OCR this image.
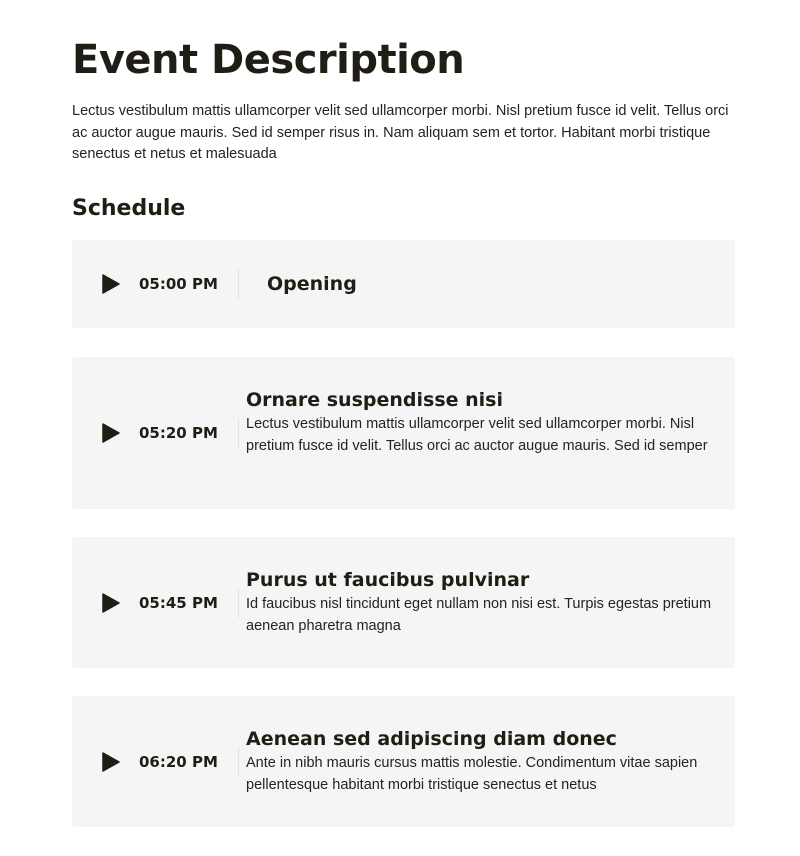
Event Description

Lectus vestibulum mattis ullamcorper velit sed ullamcorper morbi. Nisl pretium fusce id velit. Tellus orci ac auctor augue mauris. Sed id semper risus in. Nam aliquam sem et tortor. Habitant morbi tristique senectus et netus et malesuada

Schedule
05:00 PM	Opening
05:20 PM
Ornare suspendisse nisi

Lectus vestibulum mattis ullamcorper velit sed ullamcorper morbi. Nisl pretium fusce id velit. Tellus orci ac auctor augue mauris. Sed id semper

05:45 PM
Purus ut faucibus pulvinar

Id faucibus nisl tincidunt eget nullam non nisi est. Turpis egestas pretium aenean pharetra magna

06:20 PM
Aenean sed adipiscing diam donec

Ante in nibh mauris cursus mattis molestie. Condimentum vitae sapien pellentesque habitant morbi tristique senectus et netus
